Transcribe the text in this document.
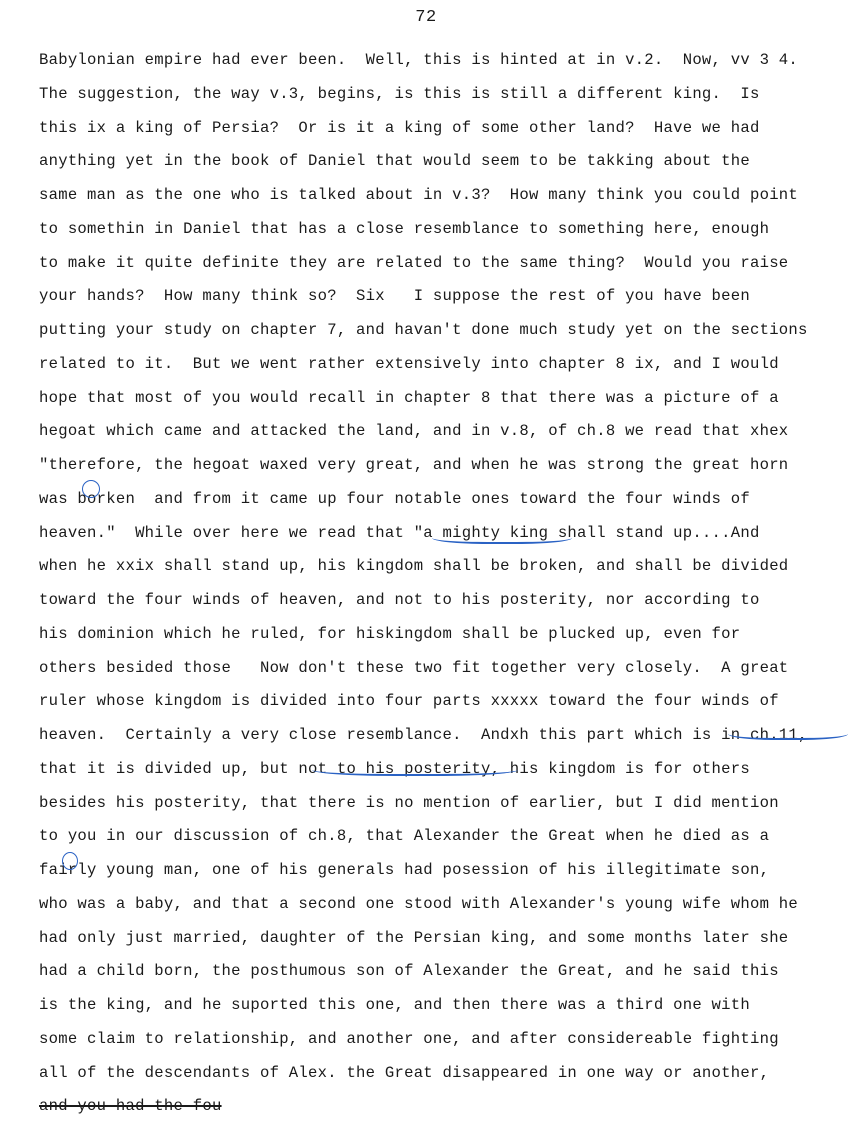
72
Babylonian empire had ever been.  Well, this is hinted at in v.2.  Now, vv 3 4.
The suggestion, the way v.3, begins, is this is still a different king.  Is
this ix a king of Persia?  Or is it a king of some other land?  Have we had
anything yet in the book of Daniel that would seem to be takking about the
same man as the one who is talked about in v.3?  How many think you could point
to somethin in Daniel that has a close resemblance to something here, enough
to make it quite definite they are related to the same thing?  Would you raise
your hands?  How many think so?  Six   I suppose the rest of you have been
putting your study on chapter 7, and havan't done much study yet on the sections
related to it.  But we went rather extensively into chapter 8 ix, and I would
hope that most of you would recall in chapter 8 that there was a picture of a
hegoat which came and attacked the land, and in v.8, of ch.8 we read that xhex
"therefore, the hegoat waxed very great, and when he was strong the great horn
was borken  and from it came up four notable ones toward the four winds of
heaven."  While over here we read that "a mighty king shall stand up....And
when he xxix shall stand up, his kingdom shall be broken, and shall be divided
toward the four winds of heaven, and not to his posterity, nor according to
his dominion which he ruled, for hiskingdom shall be plucked up, even for
others besided those   Now don't these two fit together very closely.  A great
ruler whose kingdom is divided into four parts xxxxx toward the four winds of
heaven.  Certainly a very close resemblance.  Andxh this part which is in ch.11,
that it is divided up, but not to his posterity, his kingdom is for others
besides his posterity, that there is no mention of earlier, but I did mention
to you in our discussion of ch.8, that Alexander the Great when he died as a
fairly young man, one of his generals had posession of his illegitimate son,
who was a baby, and that a second one stood with Alexander's young wife whom he
had only just married, daughter of the Persian king, and some months later she
had a child born, the posthumous son of Alexander the Great, and he said this
is the king, and he suported this one, and then there was a third one with
some claim to relationship, and another one, and after considereable fighting
all of the descendants of Alex. the Great disappeared in one way or another,
and you had the fou
